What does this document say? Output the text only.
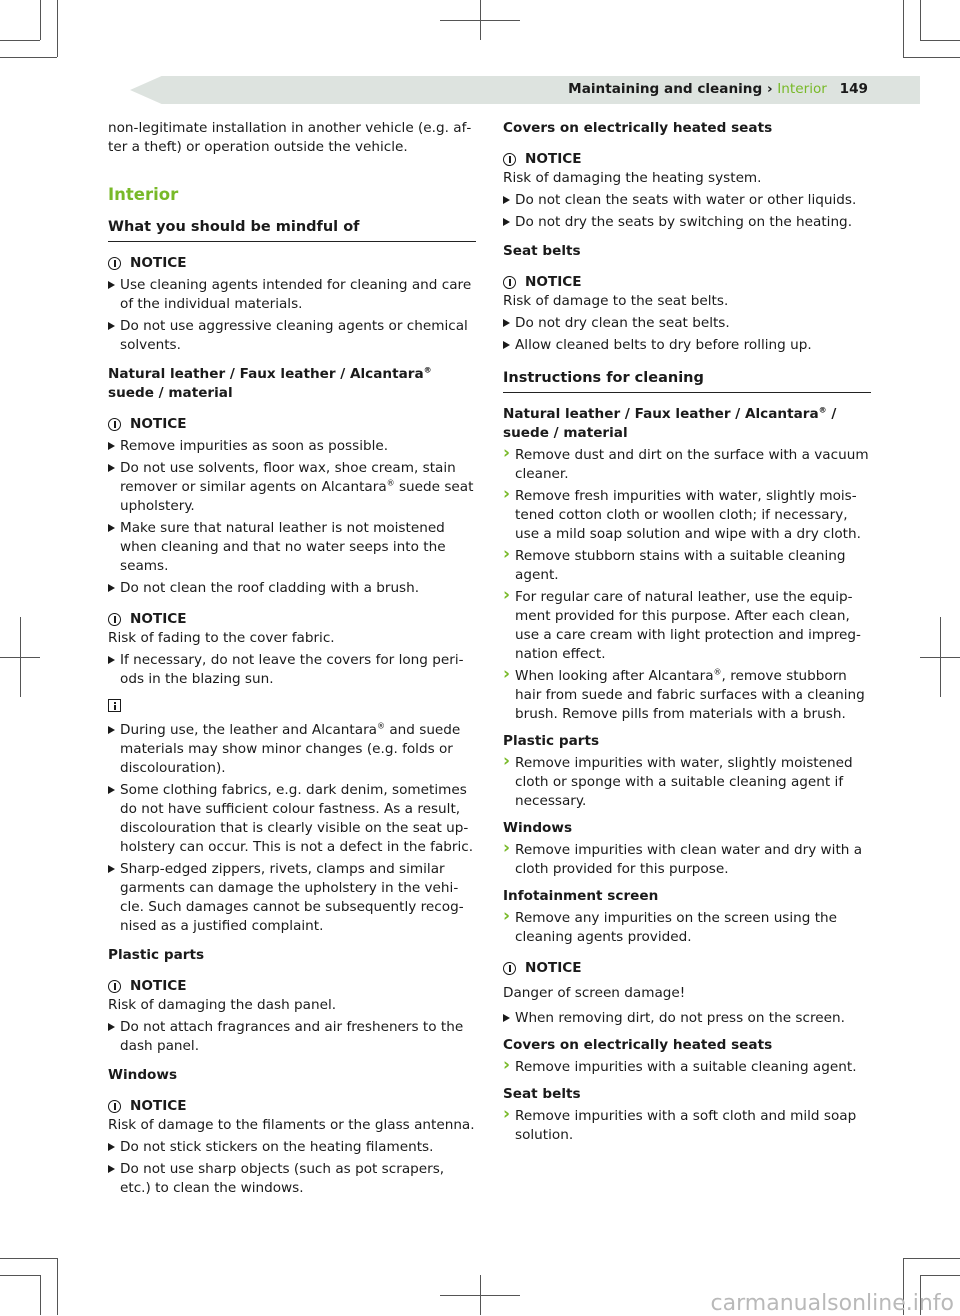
Maintaining and cleaning › Interior 149

non-legitimate installation in another vehicle (e.g. after a theft) or operation outside the vehicle.

Interior

What you should be mindful of

NOTICE

Use cleaning agents intended for cleaning and care of the individual materials.
Do not use aggressive cleaning agents or chemical solvents.

Natural leather / Faux leather / Alcantara® suede / material

NOTICE

Remove impurities as soon as possible.
Do not use solvents, floor wax, shoe cream, stain remover or similar agents on Alcantara® suede seat upholstery.
Make sure that natural leather is not moistened when cleaning and that no water seeps into the seams.
Do not clean the roof cladding with a brush.

NOTICE

Risk of fading to the cover fabric.

If necessary, do not leave the covers for long periods in the blazing sun.
During use, the leather and Alcantara® and suede materials may show minor changes (e.g. folds or discolouration).
Some clothing fabrics, e.g. dark denim, sometimes do not have sufficient colour fastness. As a result, discolouration that is clearly visible on the seat upholstery can occur. This is not a defect in the fabric.
Sharp-edged zippers, rivets, clamps and similar garments can damage the upholstery in the vehicle. Such damages cannot be subsequently recognised as a justified complaint.

Plastic parts

NOTICE

Risk of damaging the dash panel.

Do not attach fragrances and air fresheners to the dash panel.

Windows

NOTICE

Risk of damage to the filaments or the glass antenna.

Do not stick stickers on the heating filaments.
Do not use sharp objects (such as pot scrapers, etc.) to clean the windows.

Covers on electrically heated seats

NOTICE

Risk of damaging the heating system.

Do not clean the seats with water or other liquids.
Do not dry the seats by switching on the heating.

Seat belts

NOTICE

Risk of damage to the seat belts.

Do not dry clean the seat belts.
Allow cleaned belts to dry before rolling up.

Instructions for cleaning

Natural leather / Faux leather / Alcantara® / suede / material

› Remove dust and dirt on the surface with a vacuum cleaner.
› Remove fresh impurities with water, slightly moistened cotton cloth or woollen cloth; if necessary, use a mild soap solution and wipe with a dry cloth.
› Remove stubborn stains with a suitable cleaning agent.
› For regular care of natural leather, use the equipment provided for this purpose. After each clean, use a care cream with light protection and impregnation effect.
› When looking after Alcantara®, remove stubborn hair from suede and fabric surfaces with a cleaning brush. Remove pills from materials with a brush.

Plastic parts

› Remove impurities with water, slightly moistened cloth or sponge with a suitable cleaning agent if necessary.

Windows

› Remove impurities with clean water and dry with a cloth provided for this purpose.

Infotainment screen

› Remove any impurities on the screen using the cleaning agents provided.

NOTICE

Danger of screen damage!

When removing dirt, do not press on the screen.

Covers on electrically heated seats

› Remove impurities with a suitable cleaning agent.

Seat belts

› Remove impurities with a soft cloth and mild soap solution.
carmanualsonline.info
